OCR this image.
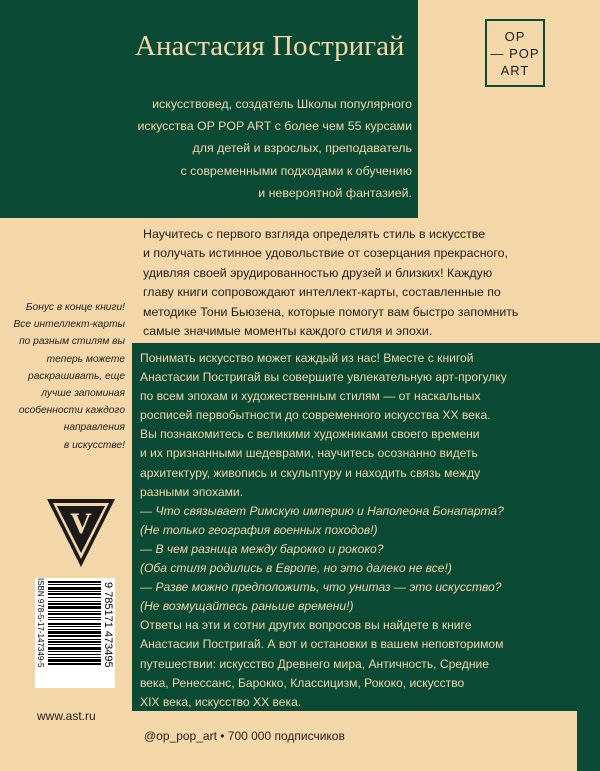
Анастасия Постригай
искусствовед, создатель Школы популярного
искусства OP POP ART с более чем 55 курсами
для детей и взрослых, преподаватель
с современными подходами к обучению
и невероятной фантазией.
OP
— POP
ART
Научитесь с первого взгляда определять стиль в искусстве
и получать истинное удовольствие от созерцания прекрасного,
удивляя своей эрудированностью друзей и близких! Каждую
главу книги сопровождают интеллект-карты, составленные по
методике Тони Бьюзена, которые помогут вам быстро запомнить
самые значимые моменты каждого стиля и эпохи.
Бонус в конце книги!
Все интеллект-карты
по разным стилям вы
теперь можете
раскрашивать, еще
лучше запоминая
особенности каждого
направления
в искусстве!
Понимать искусство может каждый из нас! Вместе с книгой
Анастасии Постригай вы совершите увлекательную арт-прогулку
по всем эпохам и художественным стилям — от наскальных
росписей первобытности до современного искусства XX века.
Вы познакомитесь с великими художниками своего времени
и их признанными шедеврами, научитесь осознанно видеть
архитектуру, живопись и скульптуру и находить связь между
разными эпохами.
— Что связывает Римскую империю и Наполеона Бонапарта?
(Не только география военных походов!)
— В чем разница между барокко и рококо?
(Оба стиля родились в Европе, но это далеко не все!)
— Разве можно предположить, что унитаз — это искусство?
(Не возмущайтесь раньше времени!)
Ответы на эти и сотни других вопросов вы найдете в книге
Анастасии Постригай. А вот и остановки в вашем неповторимом
путешествии: искусство Древнего мира, Античность, Средние
века, Ренессанс, Барокко, Классицизм, Рококо, искусство
XIX века, искусство XX века.
V
ISBN 978-5-17-147349-5	9 785171 473495
www.ast.ru
@op_pop_art • 700 000 подписчиков
